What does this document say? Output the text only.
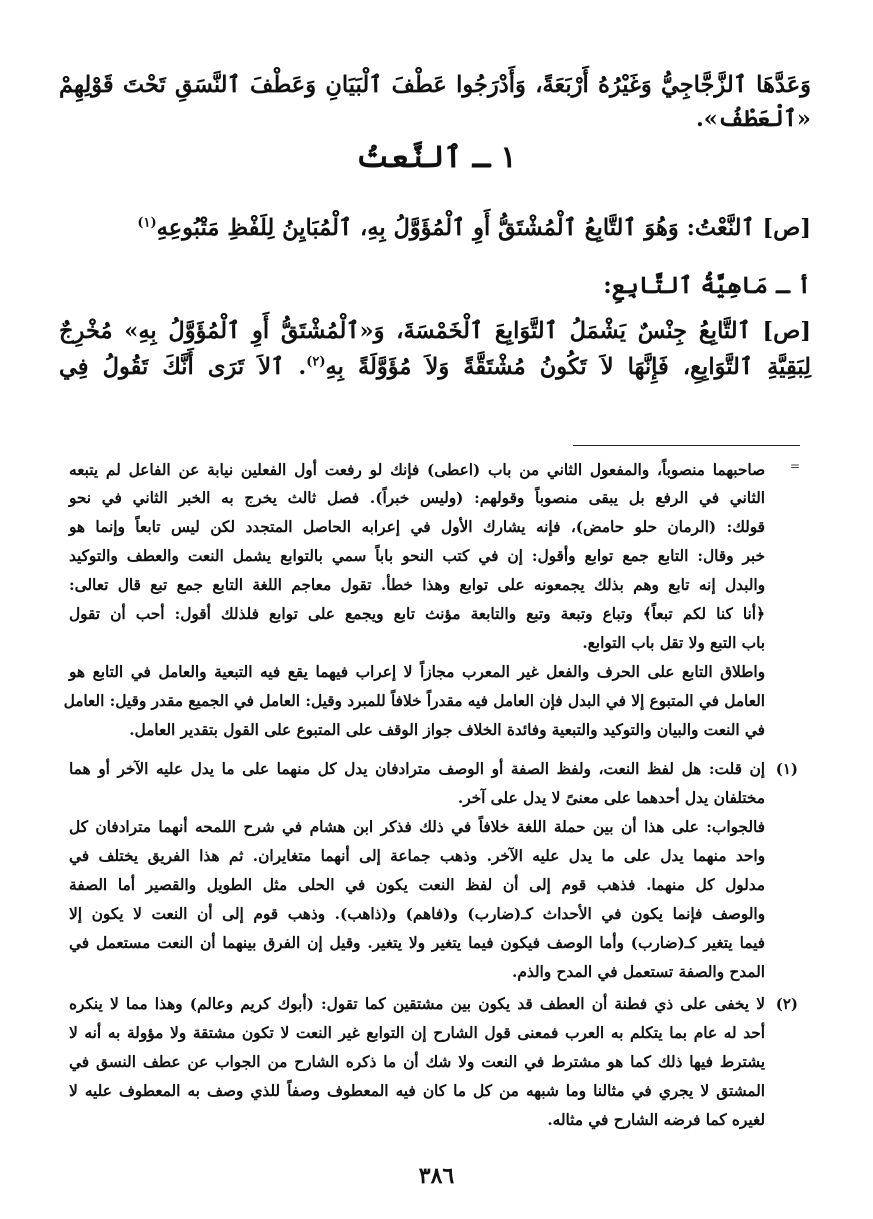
وَعَدَّهَا ٱلزَّجَّاجِيُّ وَغَيْرُهُ أَرْبَعَةً، وَأَدْرَجُوا عَطْفَ ٱلْبَيَانِ وَعَطْفَ ٱلنَّسَقِ تَحْتَ قَوْلِهِمْ
«ٱلْعَطْفُ».
١ ـ ٱلنَّعتُ
[ص] ٱلنَّعْتُ: وَهُوَ ٱلتَّابِعُ ٱلْمُشْتَقُّ أَوِ ٱلْمُؤَوَّلُ بِهِ، ٱلْمُبَايِنُ لِلَفْظِ مَتْبُوعِهِ$^{(١)}$
أ ـ مَاهِيَّةُ ٱلتَّابِعِ:
[ص] ٱلتَّابِعُ جِنْسٌ يَشْمَلُ ٱلتَّوَابِعَ ٱلْخَمْسَةَ، وَ«ٱلْمُشْتَقُّ أَوِ ٱلْمُؤَوَّلُ بِهِ» مُخْرِجٌ
لِبَقِيَّةِ ٱلتَّوَابِعِ، فَإِنَّهَا لاَ تَكُونُ مُشْتَقَّةً وَلاَ مُؤَوَّلَةً بِهِ$^{(٢)}$. ٱلاَ تَرَى أَنَّكَ تَقُولُ فِي
=
صاحبهما منصوباً، والمفعول الثاني من باب (اعطى) فإنك لو رفعت أول الفعلين نيابة عن الفاعل لم يتبعه
الثاني في الرفع بل يبقى منصوباً وقولهم: (وليس خبراً). فصل ثالث يخرج به الخبر الثاني في نحو
قولك: (الرمان حلو حامض)، فإنه يشارك الأول في إعرابه الحاصل المتجدد لكن ليس تابعاً وإنما هو
خبر وقال: التابع جمع توابع وأقول: إن في كتب النحو باباً سمي بالتوابع يشمل النعت والعطف والتوكيد
والبدل إنه تابع وهم بذلك يجمعونه على توابع وهذا خطأ. تقول معاجم اللغة التابع جمع تبع قال تعالى:
﴿أنا كنا لكم تبعاً﴾ وتباع وتبعة وتبع والتابعة مؤنث تابع ويجمع على توابع فلذلك أقول: أحب أن تقول
باب التبع ولا تقل باب التوابع.
واطلاق التابع على الحرف والفعل غير المعرب مجازاً لا إعراب فيهما يقع فيه التبعية والعامل في التابع هو
العامل في المتبوع إلا في البدل فإن العامل فيه مقدراً خلافاً للمبرد وقيل: العامل في الجميع مقدر وقيل: العامل
في النعت والبيان والتوكيد والتبعية وفائدة الخلاف جواز الوقف على المتبوع على القول بتقدير العامل.
(١)
إن قلت: هل لفظ النعت، ولفظ الصفة أو الوصف مترادفان يدل كل منهما على ما يدل عليه الآخر أو هما
مختلفان يدل أحدهما على معنىً لا يدل على آخر.
فالجواب: على هذا أن بين حملة اللغة خلافاً في ذلك فذكر ابن هشام في شرح اللمحه أنهما مترادفان كل
واحد منهما يدل على ما يدل عليه الآخر. وذهب جماعة إلى أنهما متغايران. ثم هذا الفريق يختلف في
مدلول كل منهما. فذهب قوم إلى أن لفظ النعت يكون في الحلى مثل الطويل والقصير أما الصفة
والوصف فإنما يكون في الأحداث كـ(ضارب) و(فاهم) و(ذاهب). وذهب قوم إلى أن النعت لا يكون إلا
فيما يتغير كـ(ضارب) وأما الوصف فيكون فيما يتغير ولا يتغير. وقيل إن الفرق بينهما أن النعت مستعمل في
المدح والصفة تستعمل في المدح والذم.
(٢)
لا يخفى على ذي فطنة أن العطف قد يكون بين مشتقين كما تقول: (أبوك كريم وعالم) وهذا مما لا ينكره
أحد له عام بما يتكلم به العرب فمعنى قول الشارح إن التوابع غير النعت لا تكون مشتقة ولا مؤولة به أنه لا
يشترط فيها ذلك كما هو مشترط في النعت ولا شك أن ما ذكره الشارح من الجواب عن عطف النسق في
المشتق لا يجري في مثالنا وما شبهه من كل ما كان فيه المعطوف وصفاً للذي وصف به المعطوف عليه لا
لغيره كما فرضه الشارح في مثاله.
٣٨٦
